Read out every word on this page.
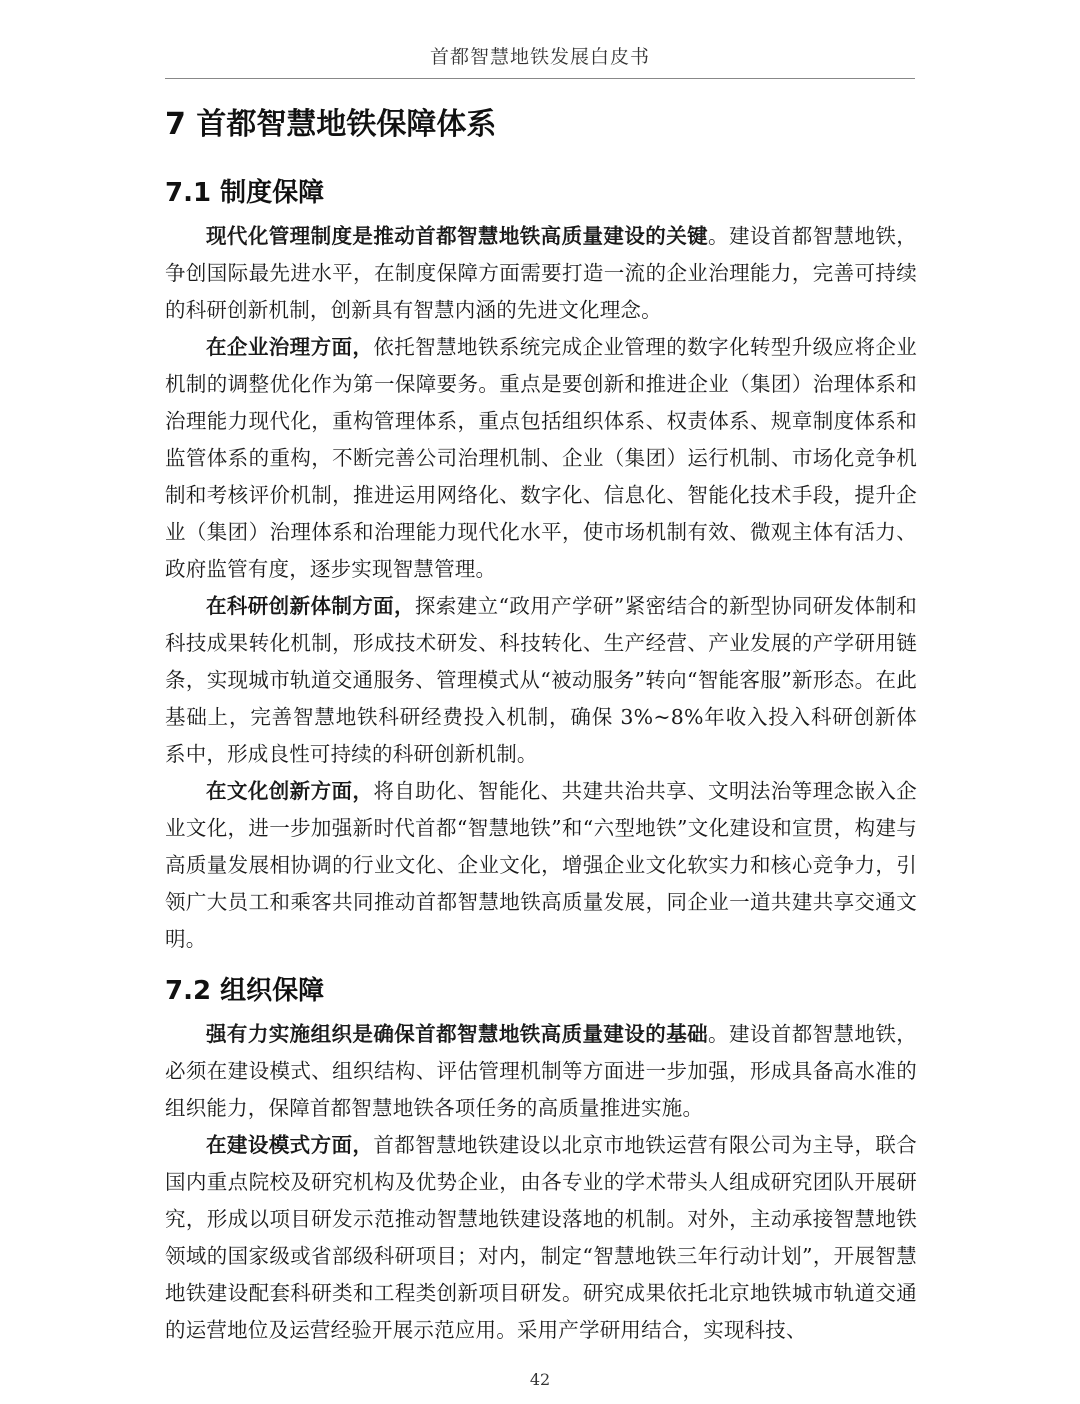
首都智慧地铁发展白皮书
7 首都智慧地铁保障体系
7.1 制度保障

现代化管理制度是推动首都智慧地铁高质量建设的关键。建设首都智慧地铁，争创国际最先进水平，在制度保障方面需要打造一流的企业治理能力，完善可持续的科研创新机制，创新具有智慧内涵的先进文化理念。

在企业治理方面，依托智慧地铁系统完成企业管理的数字化转型升级应将企业机制的调整优化作为第一保障要务。重点是要创新和推进企业（集团）治理体系和治理能力现代化，重构管理体系，重点包括组织体系、权责体系、规章制度体系和监管体系的重构，不断完善公司治理机制、企业（集团）运行机制、市场化竞争机制和考核评价机制，推进运用网络化、数字化、信息化、智能化技术手段，提升企业（集团）治理体系和治理能力现代化水平，使市场机制有效、微观主体有活力、政府监管有度，逐步实现智慧管理。

在科研创新体制方面，探索建立“政用产学研”紧密结合的新型协同研发体制和科技成果转化机制，形成技术研发、科技转化、生产经营、产业发展的产学研用链条，实现城市轨道交通服务、管理模式从“被动服务”转向“智能客服”新形态。在此基础上，完善智慧地铁科研经费投入机制，确保 3%~8%年收入投入科研创新体系中，形成良性可持续的科研创新机制。

在文化创新方面，将自助化、智能化、共建共治共享、文明法治等理念嵌入企业文化，进一步加强新时代首都“智慧地铁”和“六型地铁”文化建设和宣贯，构建与高质量发展相协调的行业文化、企业文化，增强企业文化软实力和核心竞争力，引领广大员工和乘客共同推动首都智慧地铁高质量发展，同企业一道共建共享交通文明。

7.2 组织保障

强有力实施组织是确保首都智慧地铁高质量建设的基础。建设首都智慧地铁，必须在建设模式、组织结构、评估管理机制等方面进一步加强，形成具备高水准的组织能力，保障首都智慧地铁各项任务的高质量推进实施。

在建设模式方面，首都智慧地铁建设以北京市地铁运营有限公司为主导，联合国内重点院校及研究机构及优势企业，由各专业的学术带头人组成研究团队开展研究，形成以项目研发示范推动智慧地铁建设落地的机制。对外，主动承接智慧地铁领域的国家级或省部级科研项目；对内，制定“智慧地铁三年行动计划”，开展智慧地铁建设配套科研类和工程类创新项目研发。研究成果依托北京地铁城市轨道交通的运营地位及运营经验开展示范应用。采用产学研用结合，实现科技、

42
